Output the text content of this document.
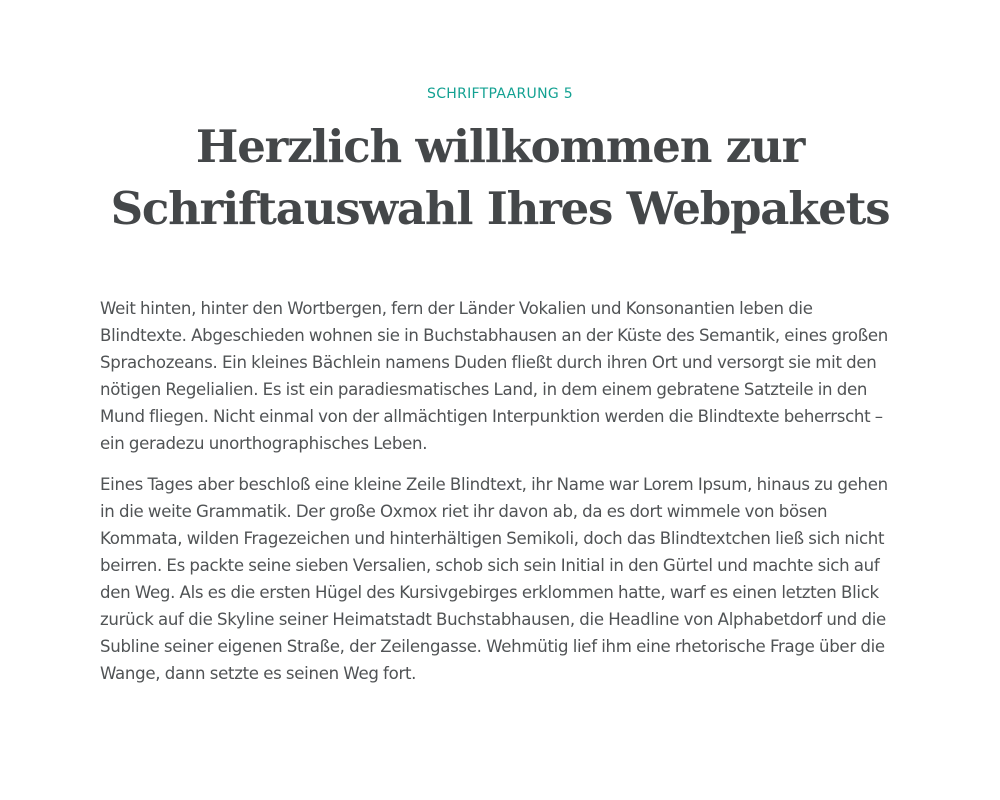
SCHRIFTPAARUNG 5
Herzlich willkommen zur
Schriftauswahl Ihres Webpakets

Weit hinten, hinter den Wortbergen, fern der Länder Vokalien und Konsonantien leben die Blindtexte. Abgeschieden wohnen sie in Buchstabhausen an der Küste des Semantik, eines großen Sprachozeans. Ein kleines Bächlein namens Duden fließt durch ihren Ort und versorgt sie mit den nötigen Regelialien. Es ist ein paradiesmatisches Land, in dem einem gebratene Satzteile in den Mund fliegen. Nicht einmal von der allmächtigen Interpunktion werden die Blindtexte beherrscht – ein geradezu unorthographisches Leben.

Eines Tages aber beschloß eine kleine Zeile Blindtext, ihr Name war Lorem Ipsum, hinaus zu gehen in die weite Grammatik. Der große Oxmox riet ihr davon ab, da es dort wimmele von bösen Kommata, wilden Fragezeichen und hinterhältigen Semikoli, doch das Blindtextchen ließ sich nicht beirren. Es packte seine sieben Versalien, schob sich sein Initial in den Gürtel und machte sich auf den Weg. Als es die ersten Hügel des Kursivgebirges erklommen hatte, warf es einen letzten Blick zurück auf die Skyline seiner Heimatstadt Buchstabhausen, die Headline von Alphabetdorf und die Subline seiner eigenen Straße, der Zeilengasse. Wehmütig lief ihm eine rhetorische Frage über die Wange, dann setzte es seinen Weg fort.
